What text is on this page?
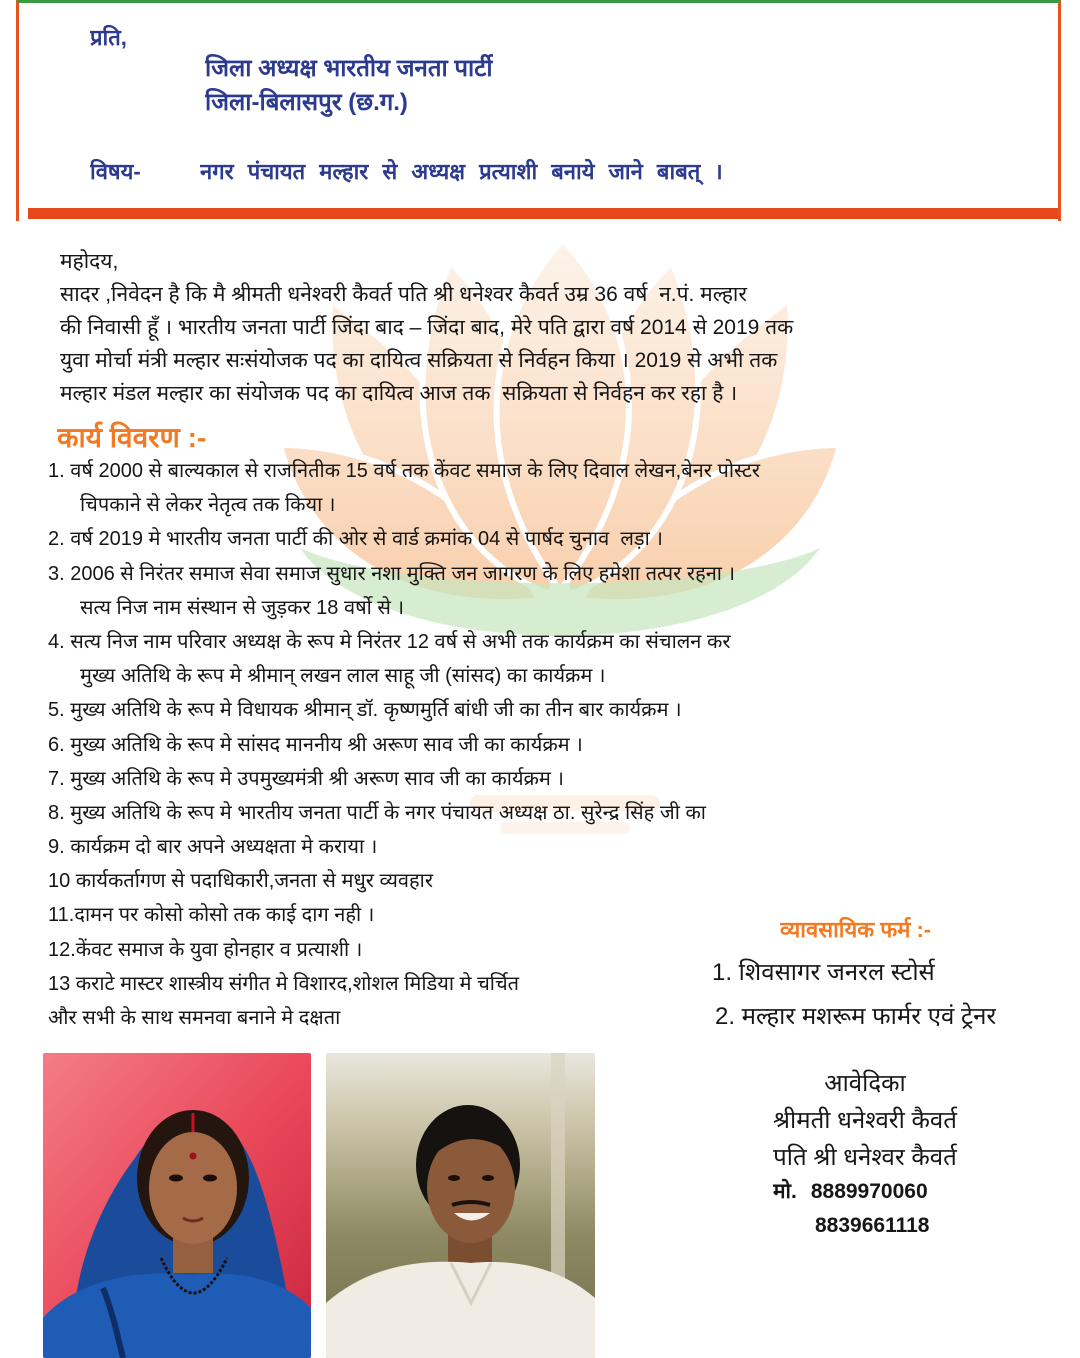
प्रति,
जिला अध्यक्ष भारतीय जनता पार्टी
जिला-बिलासपुर (छ.ग.)
विषय-	नगर पंचायत मल्हार से अध्यक्ष प्रत्याशी बनाये जाने बाबत् ।
महोदय,
सादर ,निवेदन है कि मै श्रीमती धनेश्वरी कैवर्त पति श्री धनेश्वर कैवर्त उम्र 36 वर्ष  न.पं. मल्हार
की निवासी हूँ । भारतीय जनता पार्टी जिंदा बाद – जिंदा बाद, मेरे पति द्वारा वर्ष 2014 से 2019 तक
युवा मोर्चा मंत्री मल्हार सःसंयोजक पद का दायित्व सक्रियता से निर्वहन किया । 2019 से अभी तक
मल्हार मंडल मल्हार का संयोजक पद का दायित्व आज तक  सक्रियता से निर्वहन कर रहा है ।
कार्य विवरण :-
1. वर्ष 2000 से बाल्यकाल से राजनितीक 15 वर्ष तक केंवट समाज के लिए दिवाल लेखन,बेनर पोस्टर
चिपकाने से लेकर नेतृत्व तक किया ।
2. वर्ष 2019 मे भारतीय जनता पार्टी की ओर से वार्ड क्रमांक 04 से पार्षद चुनाव  लड़ा ।
3. 2006 से निरंतर समाज सेवा समाज सुधार नशा मुक्ति जन जागरण के लिए हमेशा तत्पर रहना ।
सत्य निज नाम संस्थान से जुड़कर 18 वर्षो से ।
4. सत्य निज नाम परिवार अध्यक्ष के रूप मे निरंतर 12 वर्ष से अभी तक कार्यक्रम का संचालन कर
मुख्य अतिथि के रूप मे श्रीमान् लखन लाल साहू जी (सांसद) का कार्यक्रम ।
5. मुख्य अतिथि के रूप मे विधायक श्रीमान् डॉ. कृष्णमुर्ति बांधी जी का तीन बार कार्यक्रम ।
6. मुख्य अतिथि के रूप मे सांसद माननीय श्री अरूण साव जी का कार्यक्रम ।
7. मुख्य अतिथि के रूप मे उपमुख्यमंत्री श्री अरूण साव जी का कार्यक्रम ।
8. मुख्य अतिथि के रूप मे भारतीय जनता पार्टी के नगर पंचायत अध्यक्ष ठा. सुरेन्द्र सिंह जी का
9. कार्यक्रम दो बार अपने अध्यक्षता मे कराया ।
10 कार्यकर्तागण से पदाधिकारी,जनता से मधुर व्यवहार
11.दामन पर कोसो कोसो तक काई दाग नही ।
12.केंवट समाज के युवा होनहार व प्रत्याशी ।
13 कराटे मास्टर शास्त्रीय संगीत मे विशारद,शोशल मिडिया मे चर्चित
और सभी के साथ समनवा बनाने मे दक्षता
व्यावसायिक फर्म :-
1. शिवसागर जनरल स्टोर्स
2. मल्हार मशरूम फार्मर एवं ट्रेनर
आवेदिका
श्रीमती धनेश्वरी कैवर्त
पति श्री धनेश्वर कैवर्त
मो. 8889970060
8839661118
